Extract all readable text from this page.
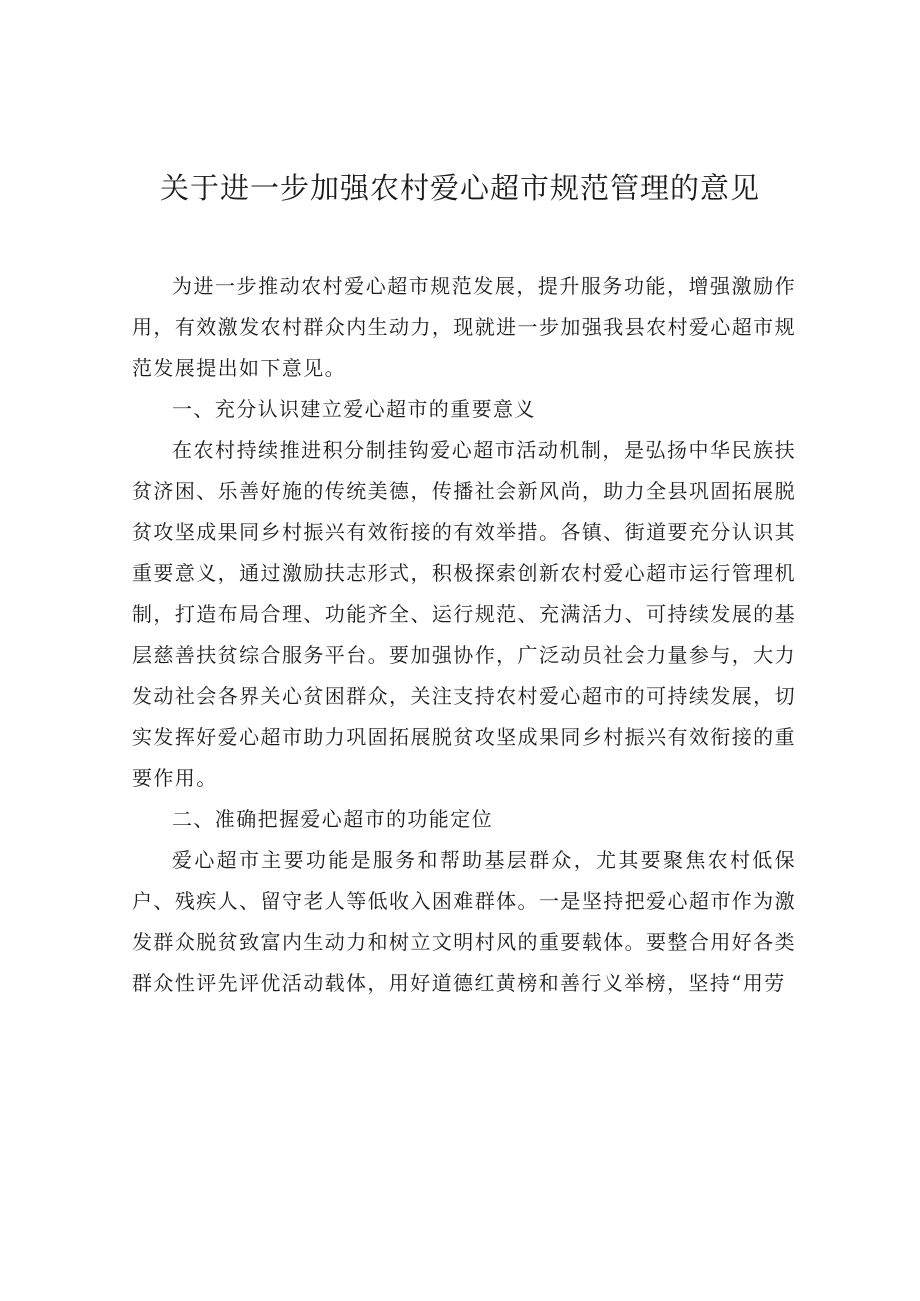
关于进一步加强农村爱心超市规范管理的意见

为进一步推动农村爱心超市规范发展，提升服务功能，增强激励作用，有效激发农村群众内生动力，现就进一步加强我县农村爱心超市规范发展提出如下意见。

一、充分认识建立爱心超市的重要意义

在农村持续推进积分制挂钩爱心超市活动机制，是弘扬中华民族扶贫济困、乐善好施的传统美德，传播社会新风尚，助力全县巩固拓展脱贫攻坚成果同乡村振兴有效衔接的有效举措。各镇、街道要充分认识其重要意义，通过激励扶志形式，积极探索创新农村爱心超市运行管理机制，打造布局合理、功能齐全、运行规范、充满活力、可持续发展的基层慈善扶贫综合服务平台。要加强协作，广泛动员社会力量参与，大力发动社会各界关心贫困群众，关注支持农村爱心超市的可持续发展，切实发挥好爱心超市助力巩固拓展脱贫攻坚成果同乡村振兴有效衔接的重要作用。

二、准确把握爱心超市的功能定位

爱心超市主要功能是服务和帮助基层群众，尤其要聚焦农村低保户、残疾人、留守老人等低收入困难群体。一是坚持把爱心超市作为激发群众脱贫致富内生动力和树立文明村风的重要载体。要整合用好各类群众性评先评优活动载体，用好道德红黄榜和善行义举榜，坚持“用劳
